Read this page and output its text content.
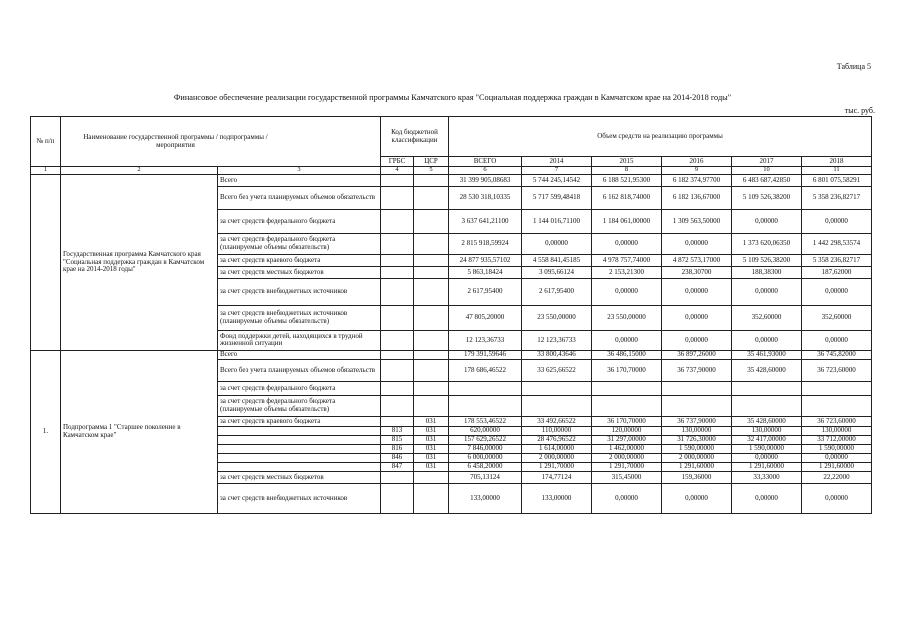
Таблица 5
Финансовое обеспечение реализации государственной программы Камчатского края "Социальная поддержка граждан в Камчатском крае на 2014-2018 годы"
тыс. руб.
№ п/п	Наименование государственной программы / подпрограммы / мероприятия		Код бюджетной классификации		Объем средств на реализацию программы					
			ГРБС	ЦСР	ВСЕГО	2014	2015	2016	2017	2018
1	2	3	4	5	6	7	8	9	10	11
	Государственная программа Камчатского края "Социальная поддержка граждан в Камчатском крае на 2014-2018 годы"	Всего			31 399 905,08683	5 744 245,14542	6 188 521,95300	6 182 374,97700	6 483 687,42850	6 801 075,58291
		Всего без учета планируемых объемов обязательств			28 530 318,10335	5 717 599,48418	6 162 818,74000	6 182 136,67000	5 109 526,38200	5 358 236,82717
		за счет средств федерального бюджета			3 637 641,21100	1 144 016,71100	1 184 061,00000	1 309 563,50000	0,00000	0,00000
		за счет средств федерального бюджета (планируемые объемы обязательств)			2 815 918,59924	0,00000	0,00000	0,00000	1 373 620,06350	1 442 298,53574
		за счет средств краевого бюджета			24 877 935,57102	4 558 841,45185	4 978 757,74000	4 872 573,17000	5 109 526,38200	5 358 236,82717
		за счет средств местных бюджетов			5 863,18424	3 095,66124	2 153,21300	238,30700	188,38300	187,62000
		за счет средств внебюджетных источников			2 617,95400	2 617,95400	0,00000	0,00000	0,00000	0,00000
		за счет средств внебюджетных источников (планируемые объемы обязательств)			47 805,20000	23 550,00000	23 550,00000	0,00000	352,60000	352,60000
		Фонд поддержки детей, находящихся в трудной жизненной ситуации			12 123,36733	12 123,36733	0,00000	0,00000	0,00000	0,00000
1.	Подпрограмма 1 "Старшее поколение в Камчатском крае"	Всего			179 391,59646	33 800,43646	36 486,15000	36 897,26000	35 461,93000	36 745,82000
		Всего без учета планируемых объемов обязательств			178 686,46522	33 625,66522	36 170,70000	36 737,90000	35 428,60000	36 723,60000
		за счет средств федерального бюджета								
		за счет средств федерального бюджета (планируемые объемы обязательств)								
		за счет средств краевого бюджета		031	178 553,46522	33 492,66522	36 170,70000	36 737,90000	35 428,60000	36 723,60000
			813	031	620,00000	110,00000	120,00000	130,00000	130,00000	130,00000
			815	031	157 629,26522	28 476,96522	31 297,00000	31 726,30000	32 417,00000	33 712,00000
			816	031	7 846,00000	1 614,00000	1 462,00000	1 590,00000	1 590,00000	1 590,00000
			846	031	6 000,00000	2 000,00000	2 000,00000	2 000,00000	0,00000	0,00000
			847	031	6 458,20000	1 291,70000	1 291,70000	1 291,60000	1 291,60000	1 291,60000
		за счет средств местных бюджетов			705,13124	174,77124	315,45000	159,36000	33,33000	22,22000
		за счет средств внебюджетных источников			133,00000	133,00000	0,00000	0,00000	0,00000	0,00000
